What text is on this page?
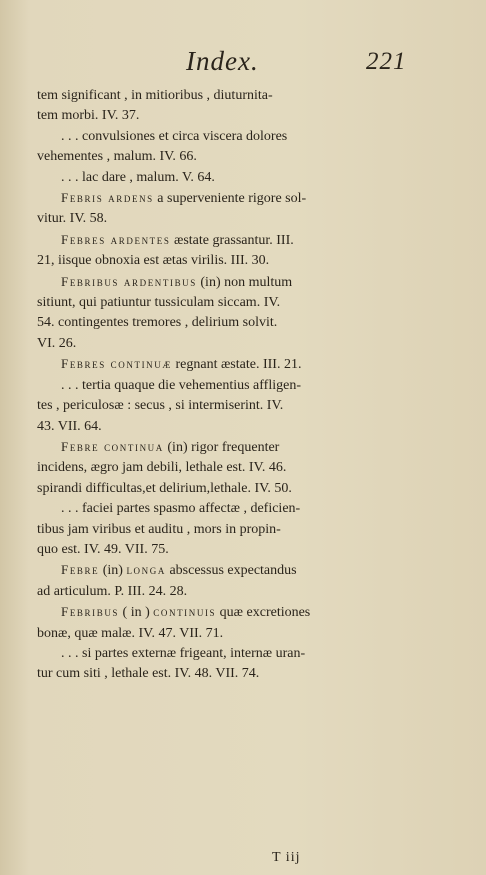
Index.	221

tem significant , in mitioribus , diuturnita-
tem morbi. IV. 37.

. . . convulsiones et circa viscera dolores
vehementes , malum. IV. 66.

. . . lac dare , malum. V. 64.

Febris ardens a superveniente rigore sol-
vitur. IV. 58.

Febres ardentes æstate grassantur. III.
21, iisque obnoxia est ætas virilis. III. 30.

Febribus ardentibus (in) non multum
sitiunt, qui patiuntur tussiculam siccam. IV.
54. contingentes tremores , delirium solvit.
VI. 26.

Febres continuæ regnant æstate. III. 21.

. . . tertia quaque die vehementius affligen-
tes , periculosæ : secus , si intermiserint. IV.
43. VII. 64.

Febre continua (in) rigor frequenter
incidens, ægro jam debili, lethale est. IV. 46.
spirandi difficultas,et delirium,lethale. IV. 50.

. . . faciei partes spasmo affectæ , deficien-
tibus jam viribus et auditu , mors in propin-
quo est. IV. 49. VII. 75.

Febre (in) longa abscessus expectandus
ad articulum. P. III. 24. 28.

Febribus ( in ) continuis quæ excretiones
bonæ, quæ malæ. IV. 47. VII. 71.

. . . si partes externæ frigeant, internæ uran-
tur cum siti , lethale est. IV. 48. VII. 74.

T iij
